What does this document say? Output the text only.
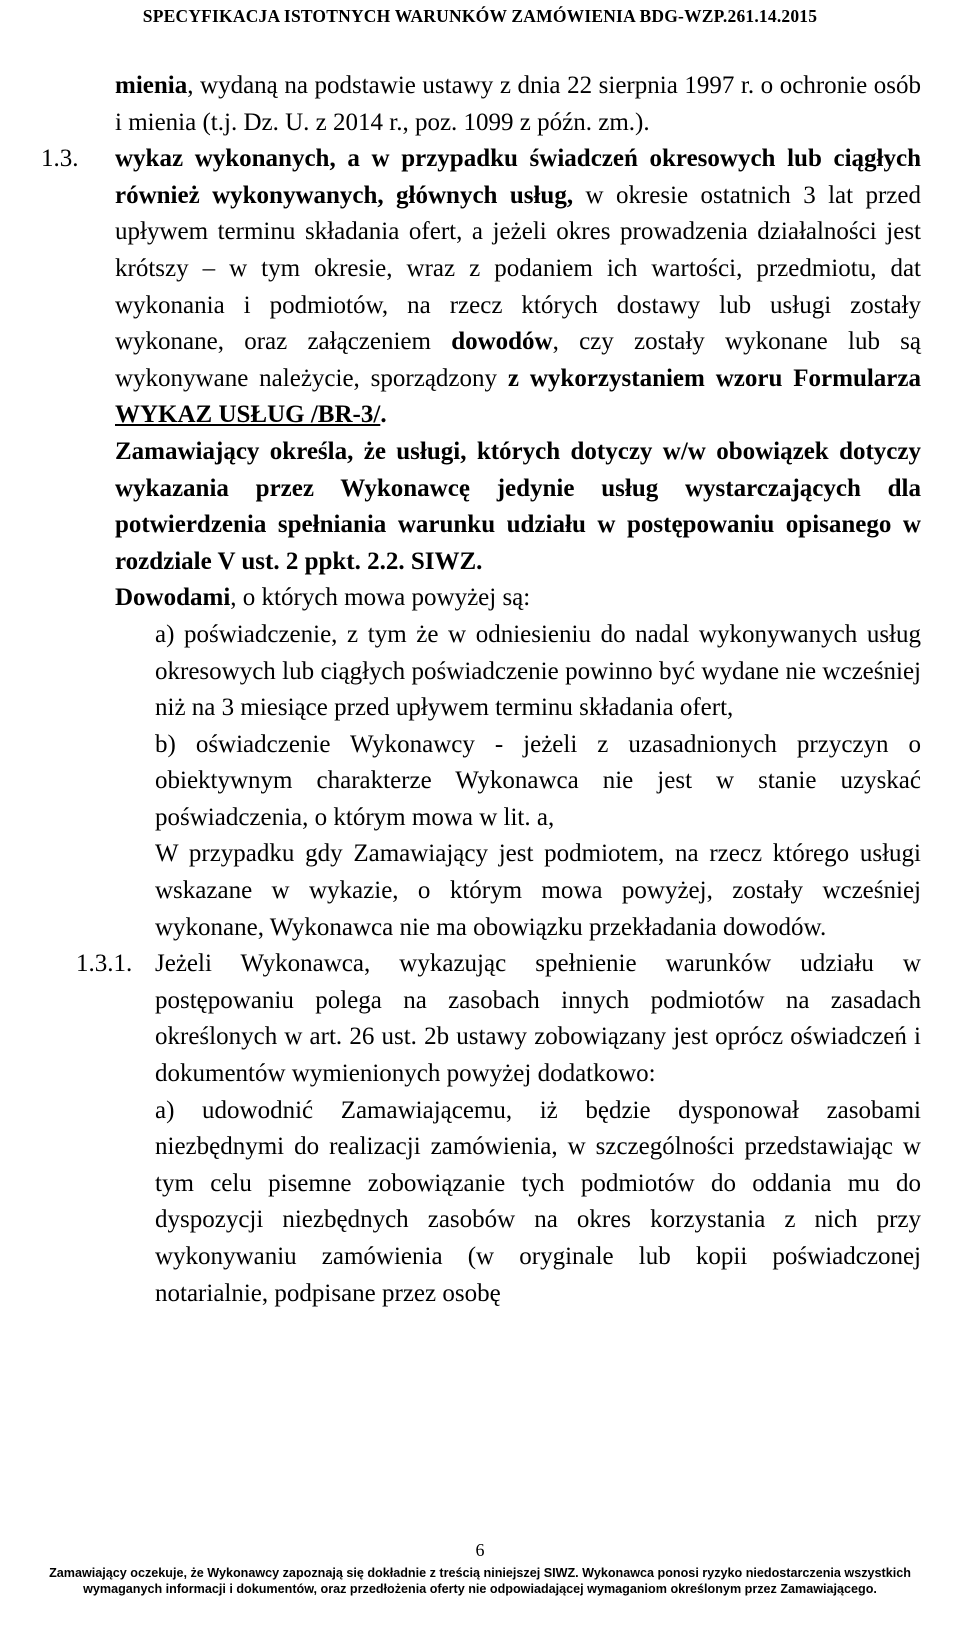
SPECYFIKACJA ISTOTNYCH WARUNKÓW ZAMÓWIENIA BDG-WZP.261.14.2015
mienia, wydaną na podstawie ustawy z dnia 22 sierpnia 1997 r. o ochronie osób i mienia (t.j. Dz. U. z 2014 r., poz. 1099 z późn. zm.).
1.3. wykaz wykonanych, a w przypadku świadczeń okresowych lub ciągłych również wykonywanych, głównych usług, w okresie ostatnich 3 lat przed upływem terminu składania ofert, a jeżeli okres prowadzenia działalności jest krótszy – w tym okresie, wraz z podaniem ich wartości, przedmiotu, dat wykonania i podmiotów, na rzecz których dostawy lub usługi zostały wykonane, oraz załączeniem dowodów, czy zostały wykonane lub są wykonywane należycie, sporządzony z wykorzystaniem wzoru Formularza WYKAZ USŁUG /BR-3/.
Zamawiający określa, że usługi, których dotyczy w/w obowiązek dotyczy wykazania przez Wykonawcę jedynie usług wystarczających dla potwierdzenia spełniania warunku udziału w postępowaniu opisanego w rozdziale V ust. 2 ppkt. 2.2. SIWZ.
Dowodami, o których mowa powyżej są:
a) poświadczenie, z tym że w odniesieniu do nadal wykonywanych usług okresowych lub ciągłych poświadczenie powinno być wydane nie wcześniej niż na 3 miesiące przed upływem terminu składania ofert,
b) oświadczenie Wykonawcy - jeżeli z uzasadnionych przyczyn o obiektywnym charakterze Wykonawca nie jest w stanie uzyskać poświadczenia, o którym mowa w lit. a,
W przypadku gdy Zamawiający jest podmiotem, na rzecz którego usługi wskazane w wykazie, o którym mowa powyżej, zostały wcześniej wykonane, Wykonawca nie ma obowiązku przekładania dowodów.
1.3.1. Jeżeli Wykonawca, wykazując spełnienie warunków udziału w postępowaniu polega na zasobach innych podmiotów na zasadach określonych w art. 26 ust. 2b ustawy zobowiązany jest oprócz oświadczeń i dokumentów wymienionych powyżej dodatkowo:
a) udowodnić Zamawiającemu, iż będzie dysponował zasobami niezbędnymi do realizacji zamówienia, w szczególności przedstawiając w tym celu pisemne zobowiązanie tych podmiotów do oddania mu do dyspozycji niezbędnych zasobów na okres korzystania z nich przy wykonywaniu zamówienia (w oryginale lub kopii poświadczonej notarialnie, podpisane przez osobę
6
Zamawiający oczekuje, że Wykonawcy zapoznają się dokładnie z treścią niniejszej SIWZ. Wykonawca ponosi ryzyko niedostarczenia wszystkich
wymaganych informacji i dokumentów, oraz przedłożenia oferty nie odpowiadającej wymaganiom określonym przez Zamawiającego.
